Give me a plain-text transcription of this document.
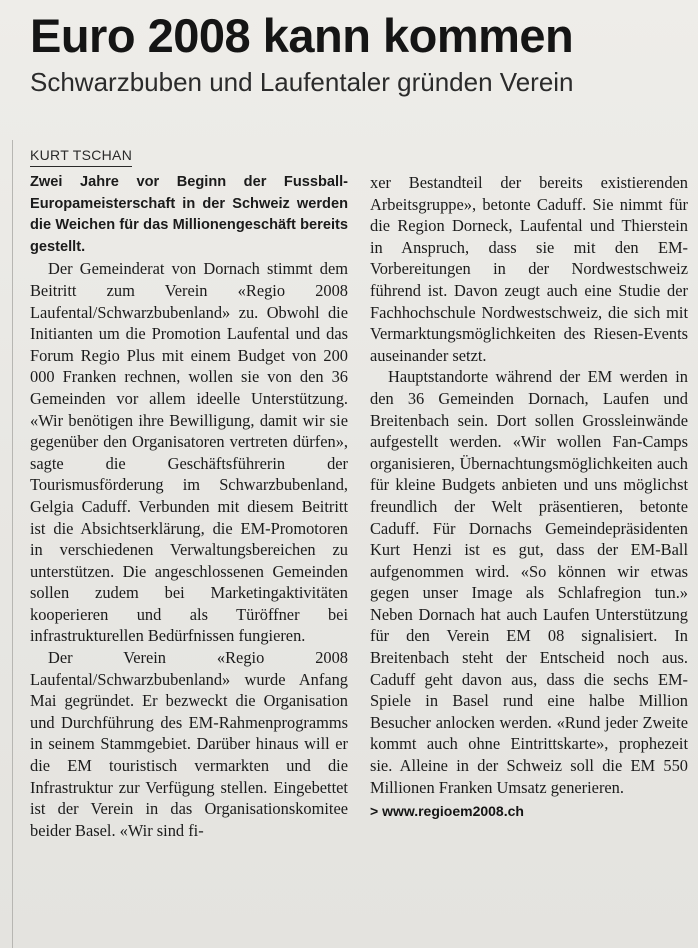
Euro 2008 kann kommen
Schwarzbuben und Laufentaler gründen Verein
KURT TSCHAN

Zwei Jahre vor Beginn der Fussball-Europameisterschaft in der Schweiz werden die Weichen für das Millionengeschäft bereits gestellt.

Der Gemeinderat von Dornach stimmt dem Beitritt zum Verein «Regio 2008 Laufental/Schwarzbubenland» zu. Obwohl die Initianten um die Promotion Laufental und das Forum Regio Plus mit einem Budget von 200 000 Franken rechnen, wollen sie von den 36 Gemeinden vor allem ideelle Unterstützung. «Wir benötigen ihre Bewilligung, damit wir sie gegenüber den Organisatoren vertreten dürfen», sagte die Geschäftsführerin der Tourismusförderung im Schwarzbubenland, Gelgia Caduff. Verbunden mit diesem Beitritt ist die Absichtserklärung, die EM-Promotoren in verschiedenen Verwaltungsbereichen zu unterstützen. Die angeschlossenen Gemeinden sollen zudem bei Marketingaktivitäten kooperieren und als Türöffner bei infrastrukturellen Bedürfnissen fungieren.

Der Verein «Regio 2008 Laufental/Schwarzbubenland» wurde Anfang Mai gegründet. Er bezweckt die Organisation und Durchführung des EM-Rahmenprogramms in seinem Stammgebiet. Darüber hinaus will er die EM touristisch vermarkten und die Infrastruktur zur Verfügung stellen. Eingebettet ist der Verein in das Organisationskomitee beider Basel. «Wir sind fi-

xer Bestandteil der bereits existierenden Arbeitsgruppe», betonte Caduff. Sie nimmt für die Region Dorneck, Laufental und Thierstein in Anspruch, dass sie mit den EM-Vorbereitungen in der Nordwestschweiz führend ist. Davon zeugt auch eine Studie der Fachhochschule Nordwestschweiz, die sich mit Vermarktungsmöglichkeiten des Riesen-Events auseinander setzt.

Hauptstandorte während der EM werden in den 36 Gemeinden Dornach, Laufen und Breitenbach sein. Dort sollen Grossleinwände aufgestellt werden. «Wir wollen Fan-Camps organisieren, Übernachtungsmöglichkeiten auch für kleine Budgets anbieten und uns möglichst freundlich der Welt präsentieren, betonte Caduff. Für Dornachs Gemeindepräsidenten Kurt Henzi ist es gut, dass der EM-Ball aufgenommen wird. «So können wir etwas gegen unser Image als Schlafregion tun.» Neben Dornach hat auch Laufen Unterstützung für den Verein EM 08 signalisiert. In Breitenbach steht der Entscheid noch aus. Caduff geht davon aus, dass die sechs EM-Spiele in Basel rund eine halbe Million Besucher anlocken werden. «Rund jeder Zweite kommt auch ohne Eintrittskarte», prophezeit sie. Alleine in der Schweiz soll die EM 550 Millionen Franken Umsatz generieren.

> www.regioem2008.ch
